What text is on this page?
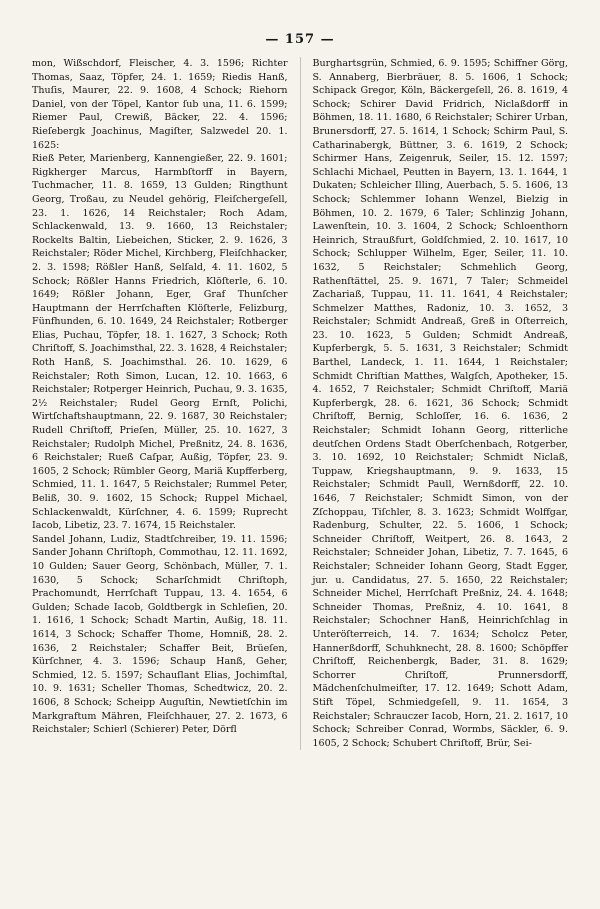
— 157 —

mon, Wißschdorf, Fleischer, 4. 3. 1596; Richter Thomas, Saaz, Töpfer, 24. 1. 1659; Riedis Hanß, Thuſis, Maurer, 22. 9. 1608, 4 Schock; Riehorn Daniel, von der Töpel, Kantor ſub una, 11. 6. 1599; Riemer Paul, Crewiß, Bäcker, 22. 4. 1596; Rieſebergk Joachinus, Magiſter, Salzwedel 20. 1. 1625:

Rieß Peter, Marienberg, Kannengießer, 22. 9. 1601; Rigkherger Marcus, Harmbſtorff in Bayern, Tuchmacher, 11. 8. 1659, 13 Gulden; Ringthunt Georg, Troßau, zu Neudel gehörig, Fleiſchergeſell, 23. 1. 1626, 14 Reichstaler; Roch Adam, Schlackenwald, 13. 9. 1660, 13 Reichstaler; Rockelts Baltin, Liebeichen, Sticker, 2. 9. 1626, 3 Reichstaler; Röder Michel, Kirchberg, Fleiſchhacker, 2. 3. 1598; Rößler Hanß, Selſald, 4. 11. 1602, 5 Schock; Rößler Hanns Friedrich, Klöſterle, 6. 10. 1649; Rößler Johann, Eger, Graf Thunſcher Hauptmann der Herrſchaften Klöſterle, Felizburg, Fünfhunden, 6. 10. 1649, 24 Reichstaler; Rotberger Elias, Puchau, Töpfer, 18. 1. 1627, 3 Schock; Roth Chriſtoff, S. Joachimsthal, 22. 3. 1628, 4 Reichstaler; Roth Hanß, S. Joachimsthal. 26. 10. 1629, 6 Reichstaler; Roth Simon, Lucan, 12. 10. 1663, 6 Reichstaler; Rotperger Heinrich, Puchau, 9. 3. 1635, 2½ Reichstaler; Rudel Georg Ernſt, Polichi, Wirtſchaftshauptmann, 22. 9. 1687, 30 Reichstaler; Rudell Chriſtoff, Prieſen, Müller, 25. 10. 1627, 3 Reichstaler; Rudolph Michel, Preßnitz, 24. 8. 1636, 6 Reichstaler; Rueß Caſpar, Außig, Töpfer, 23. 9. 1605, 2 Schock; Rümbler Georg, Mariä Kupfferberg, Schmied, 11. 1. 1647, 5 Reichstaler; Rummel Peter, Beliß, 30. 9. 1602, 15 Schock; Ruppel Michael, Schlackenwaldt, Kürſchner, 4. 6. 1599; Ruprecht Iacob, Libetiz, 23. 7. 1674, 15 Reichstaler.

Sandel Johann, Ludiz, Stadtſchreiber, 19. 11. 1596; Sander Johann Chriſtoph, Commothau, 12. 11. 1692, 10 Gulden; Sauer Georg, Schönbach, Müller, 7. 1. 1630, 5 Schock; Scharſchmidt Chriſtoph, Prachomundt, Herrſchaft Tuppau, 13. 4. 1654, 6 Gulden; Schade Iacob, Goldtbergk in Schleſien, 20. 1. 1616, 1 Schock; Schadt Martin, Außig, 18. 11. 1614, 3 Schock; Schaffer Thome, Homniß, 28. 2. 1636, 2 Reichstaler; Schaffer Beit, Brüeſen, Kürſchner, 4. 3. 1596; Schaup Hanß, Geher, Schmied, 12. 5. 1597; Schauſlant Elias, Jochimſtal, 10. 9. 1631; Scheller Thomas, Schedtwicz, 20. 2. 1606, 8 Schock; Scheipp Auguſtin, Newtietſchin im Markgraftum Mähren, Fleiſchhauer, 27. 2. 1673, 6 Reichstaler; Schierl (Schierer) Peter, Dörfl

Burghartsgrün, Schmied, 6. 9. 1595; Schiffner Görg, S. Annaberg, Bierbräuer, 8. 5. 1606, 1 Schock; Schipack Gregor, Köln, Bäckergeſell, 26. 8. 1619, 4 Schock; Schirer David Fridrich, Niclaßdorff in Böhmen, 18. 11. 1680, 6 Reichstaler; Schirer Urban, Brunersdorff, 27. 5. 1614, 1 Schock; Schirm Paul, S. Catharinabergk, Büttner, 3. 6. 1619, 2 Schock; Schirmer Hans, Zeigenruk, Seiler, 15. 12. 1597; Schlachi Michael, Peutten in Bayern, 13. 1. 1644, 1 Dukaten; Schleicher Illing, Auerbach, 5. 5. 1606, 13 Schock; Schlemmer Iohann Wenzel, Bielzig in Böhmen, 10. 2. 1679, 6 Taler; Schlinzig Johann, Lawenſtein, 10. 3. 1604, 2 Schock; Schloenthorn Heinrich, Straußfurt, Goldſchmied, 2. 10. 1617, 10 Schock; Schlupper Wilhelm, Eger, Seiler, 11. 10. 1632, 5 Reichstaler; Schmehlich Georg, Rathenſtättel, 25. 9. 1671, 7 Taler; Schmeidel Zachariaß, Tuppau, 11. 11. 1641, 4 Reichstaler; Schmelzer Matthes, Radoniz, 10. 3. 1652, 3 Reichstaler; Schmidt Andreaß, Greß in Oſterreich, 23. 10. 1623, 5 Gulden; Schmidt Andreaß, Kupferbergk, 5. 5. 1631, 3 Reichstaler; Schmidt Barthel, Landeck, 1. 11. 1644, 1 Reichstaler; Schmidt Chriſtian Matthes, Walgſch, Apotheker, 15. 4. 1652, 7 Reichstaler; Schmidt Chriſtoff, Mariä Kupferbergk, 28. 6. 1621, 36 Schock; Schmidt Chriſtoff, Bernig, Schloſſer, 16. 6. 1636, 2 Reichstaler; Schmidt Iohann Georg, ritterliche deutſchen Ordens Stadt Oberſchenbach, Rotgerber, 3. 10. 1692, 10 Reichstaler; Schmidt Niclaß, Tuppaw, Kriegshauptmann, 9. 9. 1633, 15 Reichstaler; Schmidt Paull, Wernßdorff, 22. 10. 1646, 7 Reichstaler; Schmidt Simon, von der Zſchoppau, Tiſchler, 8. 3. 1623; Schmidt Wolffgar, Radenburg, Schulter, 22. 5. 1606, 1 Schock; Schneider Chriſtoff, Weitpert, 26. 8. 1643, 2 Reichstaler; Schneider Johan, Libetiz, 7. 7. 1645, 6 Reichstaler; Schneider Iohann Georg, Stadt Egger, jur. u. Candidatus, 27. 5. 1650, 22 Reichstaler; Schneider Michel, Herrſchaft Preßniz, 24. 4. 1648; Schneider Thomas, Preßniz, 4. 10. 1641, 8 Reichstaler; Schochner Hanß, Heinrichſchlag in Unteröſterreich, 14. 7. 1634; Scholcz Peter, Hannerßdorff, Schuhknecht, 28. 8. 1600; Schöpffer Chriſtoff, Reichenbergk, Bader, 31. 8. 1629; Schorrer Chriſtoff, Prunnersdorff, Mädchenſchulmeiſter, 17. 12. 1649; Schott Adam, Stift Töpel, Schmiedgeſell, 9. 11. 1654, 3 Reichstaler; Schrauczer Iacob, Horn, 21. 2. 1617, 10 Schock; Schreiber Conrad, Wormbs, Säckler, 6. 9. 1605, 2 Schock; Schubert Chriſtoff, Brür, Sei-
